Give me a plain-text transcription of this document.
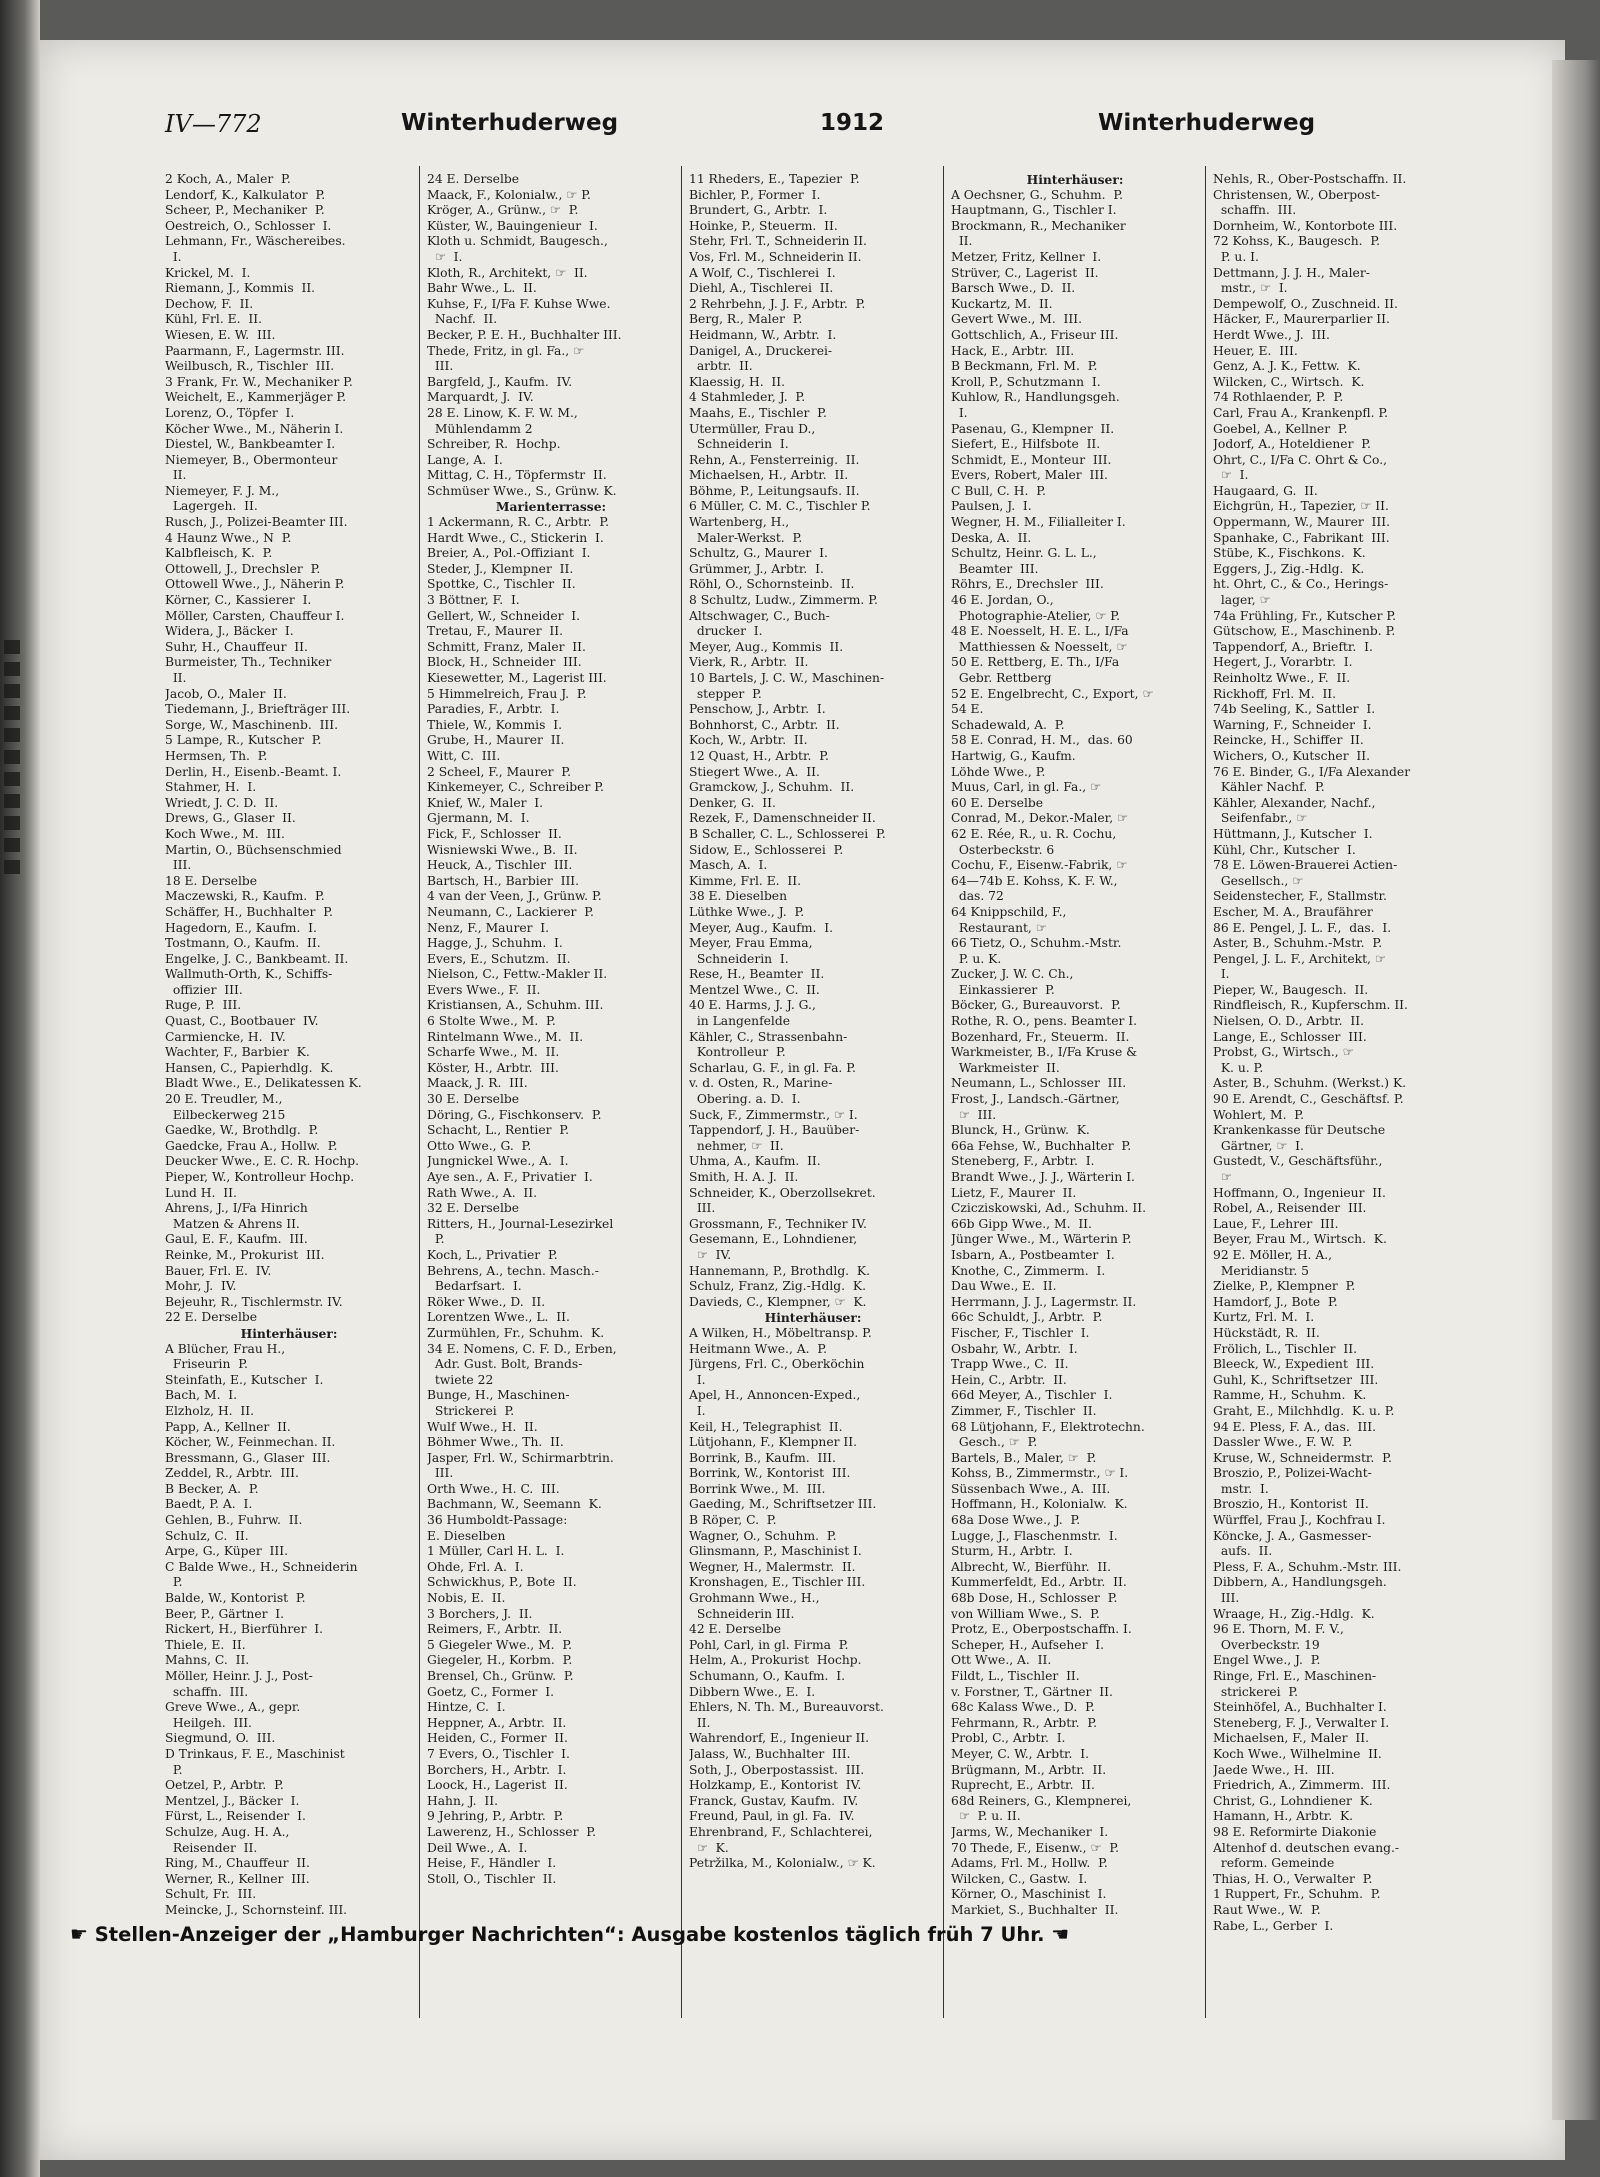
IV—772	Winterhuderweg	1912	Winterhuderweg
2 Koch, A., Maler  P.
Lendorf, K., Kalkulator  P.
Scheer, P., Mechaniker  P.
Oestreich, O., Schlosser  I.
Lehmann, Fr., Wäschereibes.
I.
Krickel, M.  I.
Riemann, J., Kommis  II.
Dechow, F.  II.
Kühl, Frl. E.  II.
Wiesen, E. W.  III.
Paarmann, F., Lagermstr. III.
Weilbusch, R., Tischler  III.
3 Frank, Fr. W., Mechaniker P.
Weichelt, E., Kammerjäger P.
Lorenz, O., Töpfer  I.
Köcher Wwe., M., Näherin I.
Diestel, W., Bankbeamter I.
Niemeyer, B., Obermonteur
II.
Niemeyer, F. J. M.,
Lagergeh.  II.
Rusch, J., Polizei-Beamter III.
4 Haunz Wwe., N  P.
Kalbfleisch, K.  P.
Ottowell, J., Drechsler  P.
Ottowell Wwe., J., Näherin P.
Körner, C., Kassierer  I.
Möller, Carsten, Chauffeur I.
Widera, J., Bäcker  I.
Suhr, H., Chauffeur  II.
Burmeister, Th., Techniker
II.
Jacob, O., Maler  II.
Tiedemann, J., Briefträger III.
Sorge, W., Maschinenb.  III.
5 Lampe, R., Kutscher  P.
Hermsen, Th.  P.
Derlin, H., Eisenb.-Beamt. I.
Stahmer, H.  I.
Wriedt, J. C. D.  II.
Drews, G., Glaser  II.
Koch Wwe., M.  III.
Martin, O., Büchsenschmied
III.
18 E. Derselbe
Maczewski, R., Kaufm.  P.
Schäffer, H., Buchhalter  P.
Hagedorn, E., Kaufm.  I.
Tostmann, O., Kaufm.  II.
Engelke, J. C., Bankbeamt. II.
Wallmuth-Orth, K., Schiffs-
offizier  III.
Ruge, P.  III.
Quast, C., Bootbauer  IV.
Carmiencke, H.  IV.
Wachter, F., Barbier  K.
Hansen, C., Papierhdlg.  K.
Bladt Wwe., E., Delikatessen K.
20 E. Treudler, M.,
Eilbeckerweg 215
Gaedke, W., Brothdlg.  P.
Gaedcke, Frau A., Hollw.  P.
Deucker Wwe., E. C. R. Hochp.
Pieper, W., Kontrolleur Hochp.
Lund H.  II.
Ahrens, J., I/Fa Hinrich
Matzen & Ahrens II.
Gaul, E. F., Kaufm.  III.
Reinke, M., Prokurist  III.
Bauer, Frl. E.  IV.
Mohr, J.  IV.
Bejeuhr, R., Tischlermstr. IV.
22 E. Derselbe
Hinterhäuser:
A Blücher, Frau H.,
Friseurin  P.
Steinfath, E., Kutscher  I.
Bach, M.  I.
Elzholz, H.  II.
Papp, A., Kellner  II.
Köcher, W., Feinmechan. II.
Bressmann, G., Glaser  III.
Zeddel, R., Arbtr.  III.
B Becker, A.  P.
Baedt, P. A.  I.
Gehlen, B., Fuhrw.  II.
Schulz, C.  II.
Arpe, G., Küper  III.
C Balde Wwe., H., Schneiderin
P.
Balde, W., Kontorist  P.
Beer, P., Gärtner  I.
Rickert, H., Bierführer  I.
Thiele, E.  II.
Mahns, C.  II.
Möller, Heinr. J. J., Post-
schaffn.  III.
Greve Wwe., A., gepr.
Heilgeh.  III.
Siegmund, O.  III.
D Trinkaus, F. E., Maschinist
P.
Oetzel, P., Arbtr.  P.
Mentzel, J., Bäcker  I.
Fürst, L., Reisender  I.
Schulze, Aug. H. A.,
Reisender  II.
Ring, M., Chauffeur  II.
Werner, R., Kellner  III.
Schult, Fr.  III.
Meincke, J., Schornsteinf. III.
24 E. Derselbe
Maack, F., Kolonialw., ☞ P.
Kröger, A., Grünw., ☞  P.
Küster, W., Bauingenieur  I.
Kloth u. Schmidt, Baugesch.,
☞  I.
Kloth, R., Architekt, ☞  II.
Bahr Wwe., L.  II.
Kuhse, F., I/Fa F. Kuhse Wwe.
Nachf.  II.
Becker, P. E. H., Buchhalter III.
Thede, Fritz, in gl. Fa., ☞
III.
Bargfeld, J., Kaufm.  IV.
Marquardt, J.  IV.
28 E. Linow, K. F. W. M.,
Mühlendamm 2
Schreiber, R.  Hochp.
Lange, A.  I.
Mittag, C. H., Töpfermstr  II.
Schmüser Wwe., S., Grünw. K.
Marienterrasse:
1 Ackermann, R. C., Arbtr.  P.
Hardt Wwe., C., Stickerin  I.
Breier, A., Pol.-Offiziant  I.
Steder, J., Klempner  II.
Spottke, C., Tischler  II.
3 Böttner, F.  I.
Gellert, W., Schneider  I.
Tretau, F., Maurer  II.
Schmitt, Franz, Maler  II.
Block, H., Schneider  III.
Kiesewetter, M., Lagerist III.
5 Himmelreich, Frau J.  P.
Paradies, F., Arbtr.  I.
Thiele, W., Kommis  I.
Grube, H., Maurer  II.
Witt, C.  III.
2 Scheel, F., Maurer  P.
Kinkemeyer, C., Schreiber P.
Knief, W., Maler  I.
Gjermann, M.  I.
Fick, F., Schlosser  II.
Wisniewski Wwe., B.  II.
Heuck, A., Tischler  III.
Bartsch, H., Barbier  III.
4 van der Veen, J., Grünw. P.
Neumann, C., Lackierer  P.
Nenz, F., Maurer  I.
Hagge, J., Schuhm.  I.
Evers, E., Schutzm.  II.
Nielson, C., Fettw.-Makler II.
Evers Wwe., F.  II.
Kristiansen, A., Schuhm. III.
6 Stolte Wwe., M.  P.
Rintelmann Wwe., M.  II.
Scharfe Wwe., M.  II.
Köster, H., Arbtr.  III.
Maack, J. R.  III.
30 E. Derselbe
Döring, G., Fischkonserv.  P.
Schacht, L., Rentier  P.
Otto Wwe., G.  P.
Jungnickel Wwe., A.  I.
Aye sen., A. F., Privatier  I.
Rath Wwe., A.  II.
32 E. Derselbe
Ritters, H., Journal-Lesezirkel
P.
Koch, L., Privatier  P.
Behrens, A., techn. Masch.-
Bedarfsart.  I.
Röker Wwe., D.  II.
Lorentzen Wwe., L.  II.
Zurmühlen, Fr., Schuhm.  K.
34 E. Nomens, C. F. D., Erben,
Adr. Gust. Bolt, Brands-
twiete 22
Bunge, H., Maschinen-
Strickerei  P.
Wulf Wwe., H.  II.
Böhmer Wwe., Th.  II.
Jasper, Frl. W., Schirmarbtrin.
III.
Orth Wwe., H. C.  III.
Bachmann, W., Seemann  K.
36 Humboldt-Passage:
E. Dieselben
1 Müller, Carl H. L.  I.
Ohde, Frl. A.  I.
Schwickhus, P., Bote  II.
Nobis, E.  II.
3 Borchers, J.  II.
Reimers, F., Arbtr.  II.
5 Giegeler Wwe., M.  P.
Giegeler, H., Korbm.  P.
Brensel, Ch., Grünw.  P.
Goetz, C., Former  I.
Hintze, C.  I.
Heppner, A., Arbtr.  II.
Heiden, C., Former  II.
7 Evers, O., Tischler  I.
Borchers, H., Arbtr.  I.
Loock, H., Lagerist  II.
Hahn, J.  II.
9 Jehring, P., Arbtr.  P.
Lawerenz, H., Schlosser  P.
Deil Wwe., A.  I.
Heise, F., Händler  I.
Stoll, O., Tischler  II.
11 Rheders, E., Tapezier  P.
Bichler, P., Former  I.
Brundert, G., Arbtr.  I.
Hoinke, P., Steuerm.  II.
Stehr, Frl. T., Schneiderin II.
Vos, Frl. M., Schneiderin II.
A Wolf, C., Tischlerei  I.
Diehl, A., Tischlerei  II.
2 Rehrbehn, J. J. F., Arbtr.  P.
Berg, R., Maler  P.
Heidmann, W., Arbtr.  I.
Danigel, A., Druckerei-
arbtr.  II.
Klaessig, H.  II.
4 Stahmleder, J.  P.
Maahs, E., Tischler  P.
Utermüller, Frau D.,
Schneiderin  I.
Rehn, A., Fensterreinig.  II.
Michaelsen, H., Arbtr.  II.
Böhme, P., Leitungsaufs. II.
6 Müller, C. M. C., Tischler P.
Wartenberg, H.,
Maler-Werkst.  P.
Schultz, G., Maurer  I.
Grümmer, J., Arbtr.  I.
Röhl, O., Schornsteinb.  II.
8 Schultz, Ludw., Zimmerm. P.
Altschwager, C., Buch-
drucker  I.
Meyer, Aug., Kommis  II.
Vierk, R., Arbtr.  II.
10 Bartels, J. C. W., Maschinen-
stepper  P.
Penschow, J., Arbtr.  I.
Bohnhorst, C., Arbtr.  II.
Koch, W., Arbtr.  II.
12 Quast, H., Arbtr.  P.
Stiegert Wwe., A.  II.
Gramckow, J., Schuhm.  II.
Denker, G.  II.
Rezek, F., Damenschneider II.
B Schaller, C. L., Schlosserei  P.
Sidow, E., Schlosserei  P.
Masch, A.  I.
Kimme, Frl. E.  II.
38 E. Dieselben
Lüthke Wwe., J.  P.
Meyer, Aug., Kaufm.  I.
Meyer, Frau Emma,
Schneiderin  I.
Rese, H., Beamter  II.
Mentzel Wwe., C.  II.
40 E. Harms, J. J. G.,
in Langenfelde
Kähler, C., Strassenbahn-
Kontrolleur  P.
Scharlau, G. F., in gl. Fa. P.
v. d. Osten, R., Marine-
Obering. a. D.  I.
Suck, F., Zimmermstr., ☞ I.
Tappendorf, J. H., Bauüber-
nehmer, ☞  II.
Uhma, A., Kaufm.  II.
Smith, H. A. J.  II.
Schneider, K., Oberzollsekret.
III.
Grossmann, F., Techniker IV.
Gesemann, E., Lohndiener,
☞  IV.
Hannemann, P., Brothdlg.  K.
Schulz, Franz, Zig.-Hdlg.  K.
Davieds, C., Klempner, ☞  K.
Hinterhäuser:
A Wilken, H., Möbeltransp. P.
Heitmann Wwe., A.  P.
Jürgens, Frl. C., Oberköchin
I.
Apel, H., Annoncen-Exped.,
I.
Keil, H., Telegraphist  II.
Lütjohann, F., Klempner II.
Borrink, B., Kaufm.  III.
Borrink, W., Kontorist  III.
Borrink Wwe., M.  III.
Gaeding, M., Schriftsetzer III.
B Röper, C.  P.
Wagner, O., Schuhm.  P.
Glinsmann, P., Maschinist I.
Wegner, H., Malermstr.  II.
Kronshagen, E., Tischler III.
Grohmann Wwe., H.,
Schneiderin III.
42 E. Derselbe
Pohl, Carl, in gl. Firma  P.
Helm, A., Prokurist  Hochp.
Schumann, O., Kaufm.  I.
Dibbern Wwe., E.  I.
Ehlers, N. Th. M., Bureauvorst.
II.
Wahrendorf, E., Ingenieur II.
Jalass, W., Buchhalter  III.
Soth, J., Oberpostassist.  III.
Holzkamp, E., Kontorist  IV.
Franck, Gustav, Kaufm.  IV.
Freund, Paul, in gl. Fa.  IV.
Ehrenbrand, F., Schlachterei,
☞  K.
Petržilka, M., Kolonialw., ☞ K.
Hinterhäuser:
A Oechsner, G., Schuhm.  P.
Hauptmann, G., Tischler I.
Brockmann, R., Mechaniker
II.
Metzer, Fritz, Kellner  I.
Strüver, C., Lagerist  II.
Barsch Wwe., D.  II.
Kuckartz, M.  II.
Gevert Wwe., M.  III.
Gottschlich, A., Friseur III.
Hack, E., Arbtr.  III.
B Beckmann, Frl. M.  P.
Kroll, P., Schutzmann  I.
Kuhlow, R., Handlungsgeh.
I.
Pasenau, G., Klempner  II.
Siefert, E., Hilfsbote  II.
Schmidt, E., Monteur  III.
Evers, Robert, Maler  III.
C Bull, C. H.  P.
Paulsen, J.  I.
Wegner, H. M., Filialleiter I.
Deska, A.  II.
Schultz, Heinr. G. L. L.,
Beamter  III.
Röhrs, E., Drechsler  III.
46 E. Jordan, O.,
Photographie-Atelier, ☞ P.
48 E. Noesselt, H. E. L., I/Fa
Matthiessen & Noesselt, ☞
50 E. Rettberg, E. Th., I/Fa
Gebr. Rettberg
52 E. Engelbrecht, C., Export, ☞
54 E.
Schadewald, A.  P.
58 E. Conrad, H. M.,  das. 60
Hartwig, G., Kaufm.
Löhde Wwe., P.
Muus, Carl, in gl. Fa., ☞
60 E. Derselbe
Conrad, M., Dekor.-Maler, ☞
62 E. Rée, R., u. R. Cochu,
Osterbeckstr. 6
Cochu, F., Eisenw.-Fabrik, ☞
64—74b E. Kohss, K. F. W.,
das. 72
64 Knippschild, F.,
Restaurant, ☞
66 Tietz, O., Schuhm.-Mstr.
P. u. K.
Zucker, J. W. C. Ch.,
Einkassierer  P.
Böcker, G., Bureauvorst.  P.
Rothe, R. O., pens. Beamter I.
Bozenhard, Fr., Steuerm.  II.
Warkmeister, B., I/Fa Kruse &
Warkmeister  II.
Neumann, L., Schlosser  III.
Frost, J., Landsch.-Gärtner,
☞  III.
Blunck, H., Grünw.  K.
66a Fehse, W., Buchhalter  P.
Steneberg, F., Arbtr.  I.
Brandt Wwe., J. J., Wärterin I.
Lietz, F., Maurer  II.
Czicziskowski, Ad., Schuhm. II.
66b Gipp Wwe., M.  II.
Jünger Wwe., M., Wärterin P.
Isbarn, A., Postbeamter  I.
Knothe, C., Zimmerm.  I.
Dau Wwe., E.  II.
Herrmann, J. J., Lagermstr. II.
66c Schuldt, J., Arbtr.  P.
Fischer, F., Tischler  I.
Osbahr, W., Arbtr.  I.
Trapp Wwe., C.  II.
Hein, C., Arbtr.  II.
66d Meyer, A., Tischler  I.
Zimmer, F., Tischler  II.
68 Lütjohann, F., Elektrotechn.
Gesch., ☞  P.
Bartels, B., Maler, ☞  P.
Kohss, B., Zimmermstr., ☞ I.
Süssenbach Wwe., A.  III.
Hoffmann, H., Kolonialw.  K.
68a Dose Wwe., J.  P.
Lugge, J., Flaschenmstr.  I.
Sturm, H., Arbtr.  I.
Albrecht, W., Bierführ.  II.
Kummerfeldt, Ed., Arbtr.  II.
68b Dose, H., Schlosser  P.
von William Wwe., S.  P.
Protz, E., Oberpostschaffn. I.
Scheper, H., Aufseher  I.
Ott Wwe., A.  II.
Fildt, L., Tischler  II.
v. Forstner, T., Gärtner  II.
68c Kalass Wwe., D.  P.
Fehrmann, R., Arbtr.  P.
Probl, C., Arbtr.  I.
Meyer, C. W., Arbtr.  I.
Brügmann, M., Arbtr.  II.
Ruprecht, E., Arbtr.  II.
68d Reiners, G., Klempnerei,
☞  P. u. II.
Jarms, W., Mechaniker  I.
70 Thede, F., Eisenw., ☞  P.
Adams, Frl. M., Hollw.  P.
Wilcken, C., Gastw.  I.
Körner, O., Maschinist  I.
Markiet, S., Buchhalter  II.
Nehls, R., Ober-Postschaffn. II.
Christensen, W., Oberpost-
schaffn.  III.
Dornheim, W., Kontorbote III.
72 Kohss, K., Baugesch.  P.
P. u. I.
Dettmann, J. J. H., Maler-
mstr., ☞  I.
Dempewolf, O., Zuschneid. II.
Häcker, F., Maurerparlier II.
Herdt Wwe., J.  III.
Heuer, E.  III.
Genz, A. J. K., Fettw.  K.
Wilcken, C., Wirtsch.  K.
74 Rothlaender, P.  P.
Carl, Frau A., Krankenpfl. P.
Goebel, A., Kellner  P.
Jodorf, A., Hoteldiener  P.
Ohrt, C., I/Fa C. Ohrt & Co.,
☞  I.
Haugaard, G.  II.
Eichgrün, H., Tapezier, ☞ II.
Oppermann, W., Maurer  III.
Spanhake, C., Fabrikant  III.
Stübe, K., Fischkons.  K.
Eggers, J., Zig.-Hdlg.  K.
ht. Ohrt, C., & Co., Herings-
lager, ☞
74a Frühling, Fr., Kutscher P.
Gütschow, E., Maschinenb. P.
Tappendorf, A., Brieftr.  I.
Hegert, J., Vorarbtr.  I.
Reinholtz Wwe., F.  II.
Rickhoff, Frl. M.  II.
74b Seeling, K., Sattler  I.
Warning, F., Schneider  I.
Reincke, H., Schiffer  II.
Wichers, O., Kutscher  II.
76 E. Binder, G., I/Fa Alexander
Kähler Nachf.  P.
Kähler, Alexander, Nachf.,
Seifenfabr., ☞
Hüttmann, J., Kutscher  I.
Kühl, Chr., Kutscher  I.
78 E. Löwen-Brauerei Actien-
Gesellsch., ☞
Seidenstecher, F., Stallmstr.
Escher, M. A., Braufährer
86 E. Pengel, J. L. F.,  das.  I.
Aster, B., Schuhm.-Mstr.  P.
Pengel, J. L. F., Architekt, ☞
I.
Pieper, W., Baugesch.  II.
Rindfleisch, R., Kupferschm. II.
Nielsen, O. D., Arbtr.  II.
Lange, E., Schlosser  III.
Probst, G., Wirtsch., ☞
K. u. P.
Aster, B., Schuhm. (Werkst.) K.
90 E. Arendt, C., Geschäftsf. P.
Wohlert, M.  P.
Krankenkasse für Deutsche
Gärtner, ☞  I.
Gustedt, V., Geschäftsführ.,
☞
Hoffmann, O., Ingenieur  II.
Robel, A., Reisender  III.
Laue, F., Lehrer  III.
Beyer, Frau M., Wirtsch.  K.
92 E. Möller, H. A.,
Meridianstr. 5
Zielke, P., Klempner  P.
Hamdorf, J., Bote  P.
Kurtz, Frl. M.  I.
Hückstädt, R.  II.
Frölich, L., Tischler  II.
Bleeck, W., Expedient  III.
Guhl, K., Schriftsetzer  III.
Ramme, H., Schuhm.  K.
Graht, E., Milchhdlg.  K. u. P.
94 E. Pless, F. A., das.  III.
Dassler Wwe., F. W.  P.
Kruse, W., Schneidermstr.  P.
Broszio, P., Polizei-Wacht-
mstr.  I.
Broszio, H., Kontorist  II.
Würffel, Frau J., Kochfrau I.
Köncke, J. A., Gasmesser-
aufs.  II.
Pless, F. A., Schuhm.-Mstr. III.
Dibbern, A., Handlungsgeh.
III.
Wraage, H., Zig.-Hdlg.  K.
96 E. Thorn, M. F. V.,
Overbeckstr. 19
Engel Wwe., J.  P.
Ringe, Frl. E., Maschinen-
strickerei  P.
Steinhöfel, A., Buchhalter I.
Steneberg, F. J., Verwalter I.
Michaelsen, F., Maler  II.
Koch Wwe., Wilhelmine  II.
Jaede Wwe., H.  III.
Friedrich, A., Zimmerm.  III.
Christ, G., Lohndiener  K.
Hamann, H., Arbtr.  K.
98 E. Reformirte Diakonie
Altenhof d. deutschen evang.-
reform. Gemeinde
Thias, H. O., Verwalter  P.
1 Ruppert, Fr., Schuhm.  P.
Raut Wwe., W.  P.
Rabe, L., Gerber  I.
☛ Stellen-Anzeiger der „Hamburger Nachrichten“: Ausgabe kostenlos täglich früh 7 Uhr. ☚
